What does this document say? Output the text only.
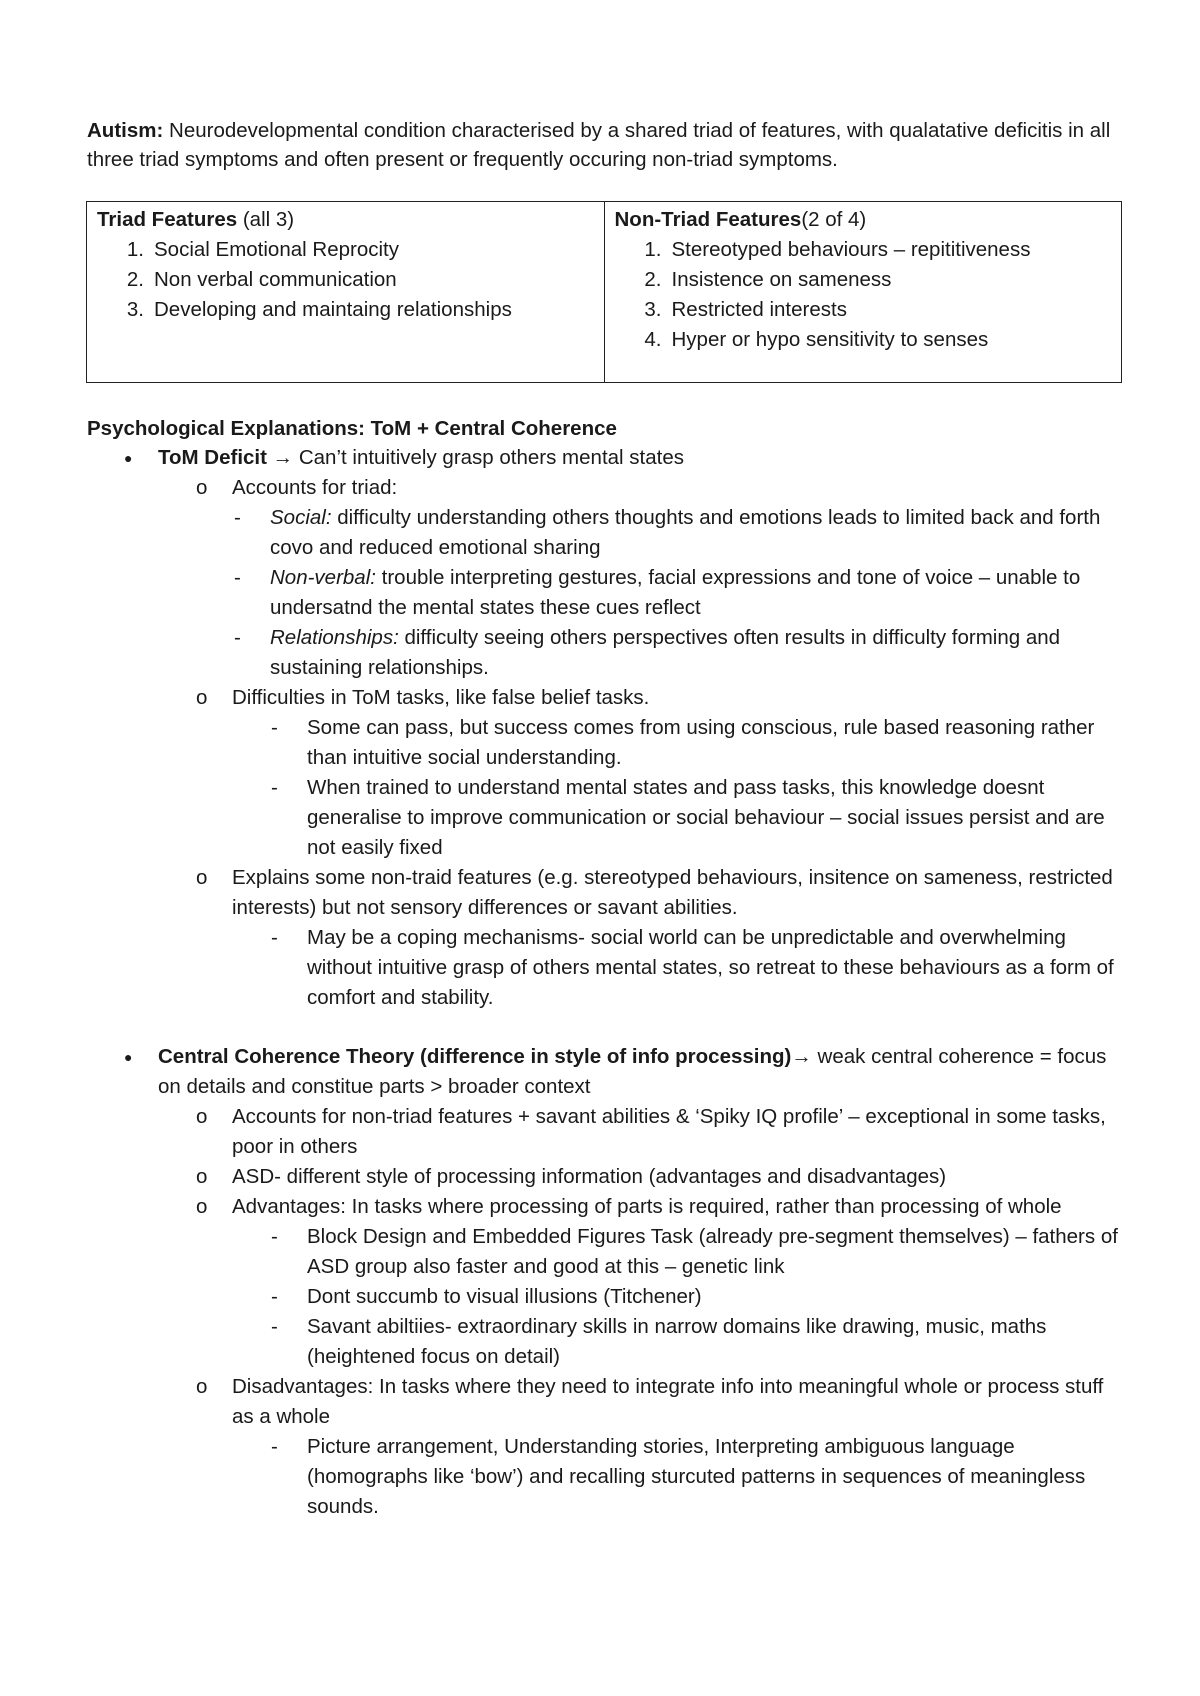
Autism: Neurodevelopmental condition characterised by a shared triad of features, with qualatative deficitis in all three triad symptoms and often present or frequently occuring non-triad symptoms.
Triad Features (all 3)
1. Social Emotional Reprocity
2. Non verbal communication
3. Developing and maintaing relationships
Non-Triad Features(2 of 4)
1. Stereotyped behaviours – repititiveness
2. Insistence on sameness
3. Restricted interests
4. Hyper or hypo sensitivity to senses
Psychological Explanations: ToM + Central Coherence
●	ToM Deficit → Can’t intuitively grasp others mental states
o	Accounts for triad:
-	Social: difficulty understanding others thoughts and emotions leads to limited back and forth covo and reduced emotional sharing
-	Non-verbal: trouble interpreting gestures, facial expressions and tone of voice – unable to undersatnd the mental states these cues reflect
-	Relationships: difficulty seeing others perspectives often results in difficulty forming and sustaining relationships.
o	Difficulties in ToM tasks, like false belief tasks.
-	Some can pass, but success comes from using conscious, rule based reasoning rather than intuitive social understanding.
-	When trained to understand mental states and pass tasks, this knowledge doesnt generalise to improve communication or social behaviour – social issues persist and are not easily fixed
o	Explains some non-traid features (e.g. stereotyped behaviours, insitence on sameness, restricted interests) but not sensory differences or savant abilities.
-	May be a coping mechanisms- social world can be unpredictable and overwhelming without intuitive grasp of others mental states, so retreat to these behaviours as a form of comfort and stability.
●	Central Coherence Theory (difference in style of info processing)→ weak central coherence = focus on details and constitue parts > broader context
o	Accounts for non-triad features + savant abilities & ‘Spiky IQ profile’ – exceptional in some tasks, poor in others
o	ASD- different style of processing information (advantages and disadvantages)
o	Advantages: In tasks where processing of parts is required, rather than processing of whole
-	Block Design and Embedded Figures Task (already pre-segment themselves) – fathers of ASD group also faster and good at this – genetic link
-	Dont succumb to visual illusions (Titchener)
-	Savant abiltiies- extraordinary skills in narrow domains like drawing, music, maths (heightened focus on detail)
o	Disadvantages: In tasks where they need to integrate info into meaningful whole or process stuff as a whole
-	Picture arrangement, Understanding stories, Interpreting ambiguous language (homographs like ‘bow’) and recalling sturcuted patterns in sequences of meaningless sounds.
